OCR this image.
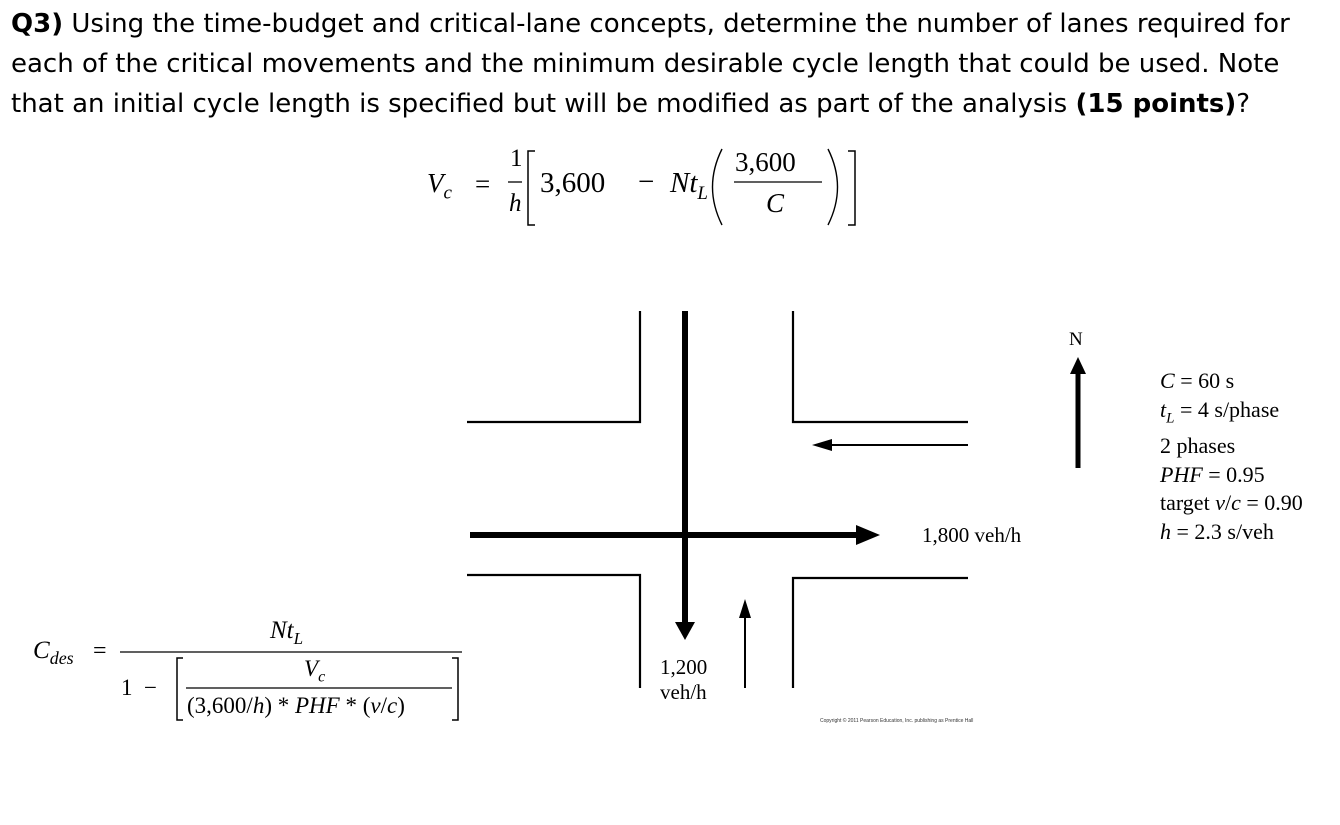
Q3) Using the time-budget and critical-lane concepts, determine the number of lanes required for each of the critical movements and the minimum desirable cycle length that could be used. Note that an initial cycle length is specified but will be modified as part of the analysis (15 points)?

$V_c$ =
1
h
$3,600 - Nt_L$
3,600
C
$C_{des}$ =
$Nt_L$
1  −
$V_c$
(3,600/h) * PHF * (v/c)
N
1,800 veh/h
1,200
veh/h
Copyright © 2011 Pearson Education, Inc. publishing as Prentice Hall
C = 60 s
$t_L = 4$ s/phase
2 phases
PHF = 0.95
target v/c = 0.90
h = 2.3 s/veh
